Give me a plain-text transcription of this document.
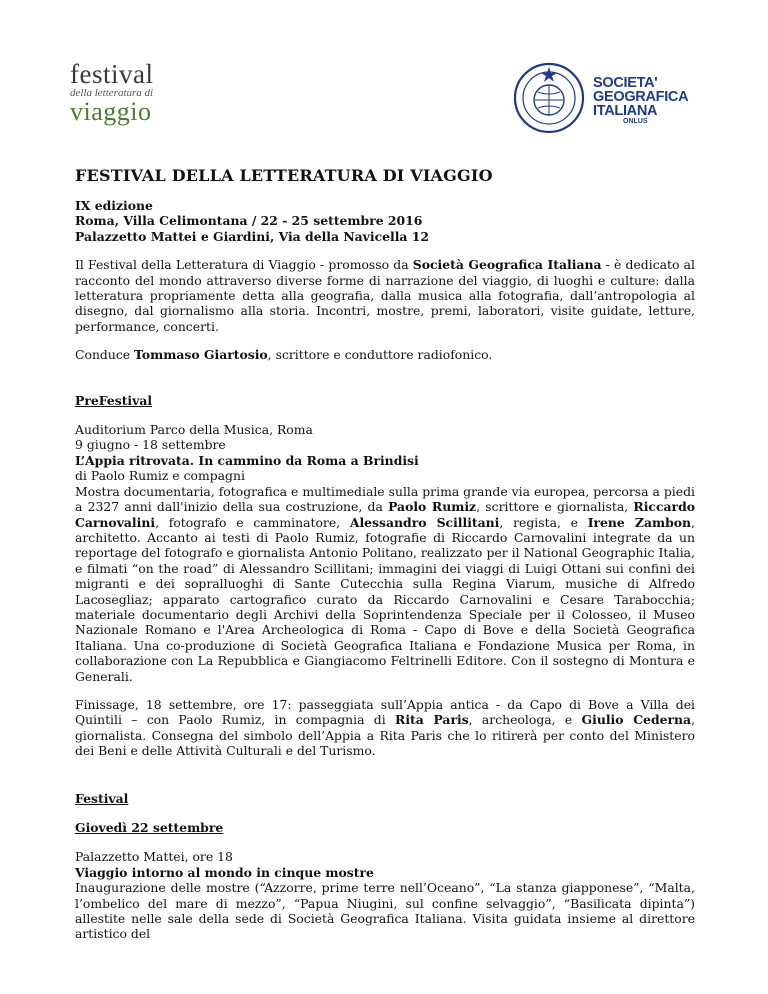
festival
della letteratura di
viaggio
SOCIETA'
GEOGRAFICA
ITALIANA
ONLUS
FESTIVAL DELLA LETTERATURA DI VIAGGIO

IX edizione

Roma, Villa Celimontana / 22 - 25 settembre 2016

Palazzetto Mattei e Giardini, Via della Navicella 12

Il Festival della Letteratura di Viaggio - promosso da Società Geografica Italiana - è dedicato al racconto del mondo attraverso diverse forme di narrazione del viaggio, di luoghi e culture: dalla letteratura propriamente detta alla geografia, dalla musica alla fotografia, dall’antropologia al disegno, dal giornalismo alla storia. Incontri, mostre, premi, laboratori, visite guidate, letture, performance, concerti.

Conduce Tommaso Giartosio, scrittore e conduttore radiofonico.

PreFestival

Auditorium Parco della Musica, Roma

9 giugno - 18 settembre

L’Appia ritrovata. In cammino da Roma a Brindisi

di Paolo Rumiz e compagni

Mostra documentaria, fotografica e multimediale sulla prima grande via europea, percorsa a piedi a 2327 anni dall'inizio della sua costruzione, da Paolo Rumiz, scrittore e giornalista, Riccardo Carnovalini, fotografo e camminatore, Alessandro Scillitani, regista, e Irene Zambon, architetto. Accanto ai testi di Paolo Rumiz, fotografie di Riccardo Carnovalini integrate da un reportage del fotografo e giornalista Antonio Politano, realizzato per il National Geographic Italia, e filmati “on the road” di Alessandro Scillitani; immagini dei viaggi di Luigi Ottani sui confini dei migranti e dei sopralluoghi di Sante Cutecchia sulla Regina Viarum, musiche di Alfredo Lacosegliaz; apparato cartografico curato da Riccardo Carnovalini e Cesare Tarabocchia; materiale documentario degli Archivi della Soprintendenza Speciale per il Colosseo, il Museo Nazionale Romano e l'Area Archeologica di Roma - Capo di Bove e della Società Geografica Italiana. Una co-produzione di Società Geografica Italiana e Fondazione Musica per Roma, in collaborazione con La Repubblica e Giangiacomo Feltrinelli Editore. Con il sostegno di Montura e Generali.

Finissage, 18 settembre, ore 17: passeggiata sull’Appia antica - da Capo di Bove a Villa dei Quintili – con Paolo Rumiz, in compagnia di Rita Paris, archeologa, e Giulio Cederna, giornalista. Consegna del simbolo dell’Appia a Rita Paris che lo ritirerà per conto del Ministero dei Beni e delle Attività Culturali e del Turismo.

Festival

Giovedì 22 settembre

Palazzetto Mattei, ore 18

Viaggio intorno al mondo in cinque mostre

Inaugurazione delle mostre (“Azzorre, prime terre nell’Oceano”, “La stanza giapponese”, “Malta, l’ombelico del mare di mezzo”, “Papua Niugini, sul confine selvaggio”, “Basilicata dipinta”) allestite nelle sale della sede di Società Geografica Italiana. Visita guidata insieme al direttore artistico del
